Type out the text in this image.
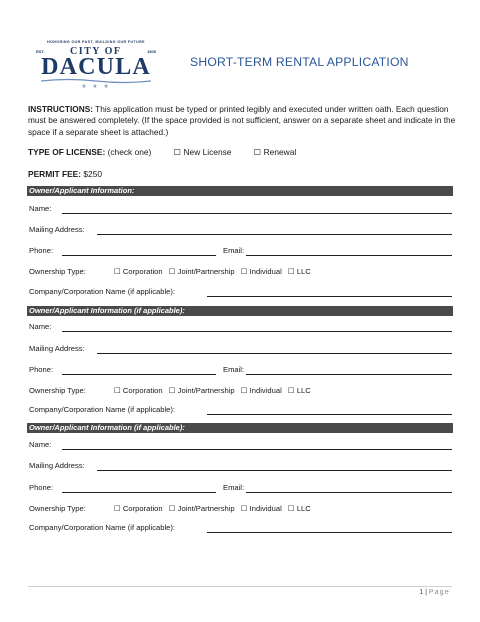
HONORING OUR PAST, BUILDING OUR FUTURE
EST.	CITY OF	1905
DACULA
★ ★ ★
SHORT-TERM RENTAL APPLICATION
INSTRUCTIONS: This application must be typed or printed legibly and executed under written oath. Each question must be answered completely. (If the space provided is not sufficient, answer on a separate sheet and indicate in the space if a separate sheet is attached.)
TYPE OF LICENSE: (check one)	☐ New License	☐ Renewal
PERMIT FEE: $250
Owner/Applicant Information:
Name:
Mailing Address:
Phone:	Email:
Ownership Type:	☐ Corporation ☐ Joint/Partnership ☐ Individual ☐ LLC
Company/Corporation Name (if applicable):
Owner/Applicant Information (if applicable):
Name:
Mailing Address:
Phone:	Email:
Ownership Type:	☐ Corporation ☐ Joint/Partnership ☐ Individual ☐ LLC
Company/Corporation Name (if applicable):
Owner/Applicant Information (if applicable):
Name:
Mailing Address:
Phone:	Email:
Ownership Type:	☐ Corporation ☐ Joint/Partnership ☐ Individual ☐ LLC
Company/Corporation Name (if applicable):
1 | Page
